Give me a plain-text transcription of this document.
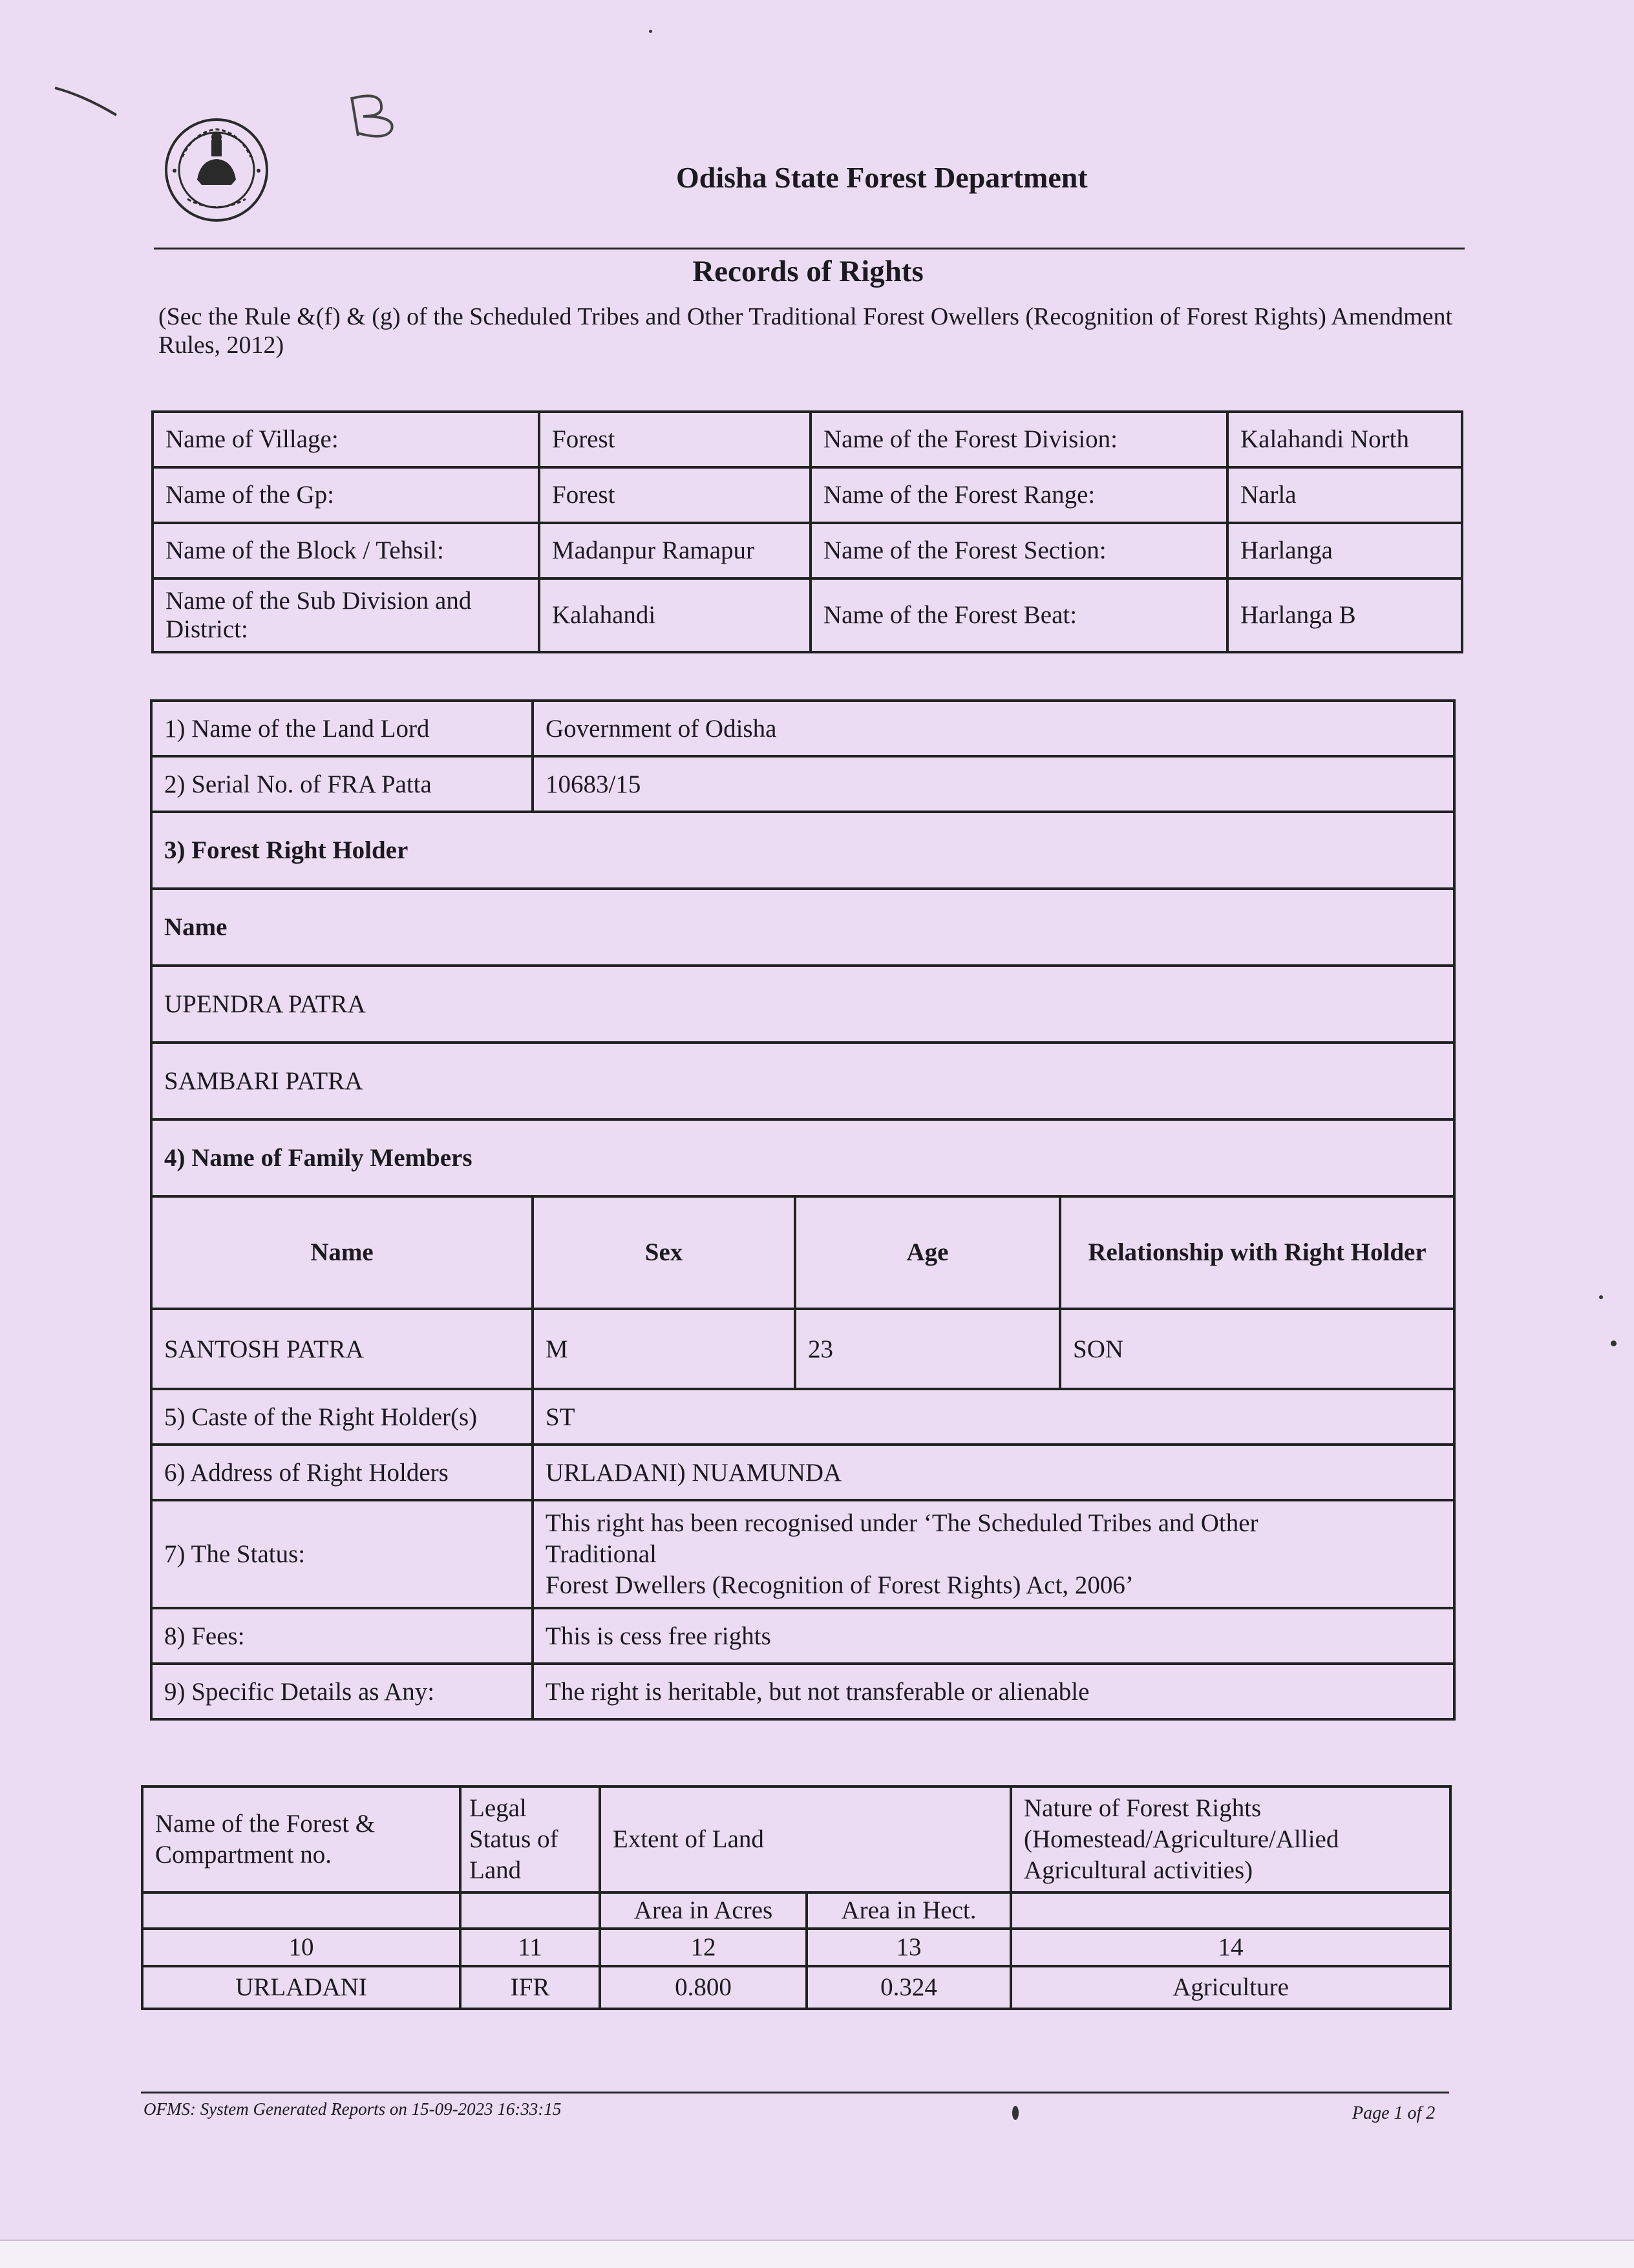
Odisha State Forest Department
Records of Rights
(Sec the Rule &(f) & (g) of the Scheduled Tribes and Other Traditional Forest Owellers (Recognition of Forest Rights) Amendment Rules, 2012)
Name of Village:	Forest	Name of the Forest Division:	Kalahandi North
Name of the Gp:	Forest	Name of the Forest Range:	Narla
Name of the Block / Tehsil:	Madanpur Ramapur	Name of the Forest Section:	Harlanga
Name of the Sub Division and District:	Kalahandi	Name of the Forest Beat:	Harlanga B
1) Name of the Land Lord	Government of Odisha		
2) Serial No. of FRA Patta	10683/15		
3) Forest Right Holder			
Name			
UPENDRA PATRA			
SAMBARI PATRA			
4) Name of Family Members			
Name	Sex	Age	Relationship with Right Holder
SANTOSH PATRA	M	23	SON
5) Caste of the Right Holder(s)	ST		
6) Address of Right Holders	URLADANI) NUAMUNDA		
7) The Status:	This right has been recognised under ‘The Scheduled Tribes and Other
Traditional
Forest Dwellers (Recognition of Forest Rights) Act, 2006’		

8) Fees:	This is cess free rights		
9) Specific Details as Any:	The right is heritable, but not transferable or alienable		
Name of the Forest & Compartment no.	Legal Status of Land	Extent of Land		Nature of Forest Rights (Homestead/Agriculture/Allied Agricultural activities)
		Area in Acres	Area in Hect.	
10	11	12	13	14
URLADANI	IFR	0.800	0.324	Agriculture
OFMS: System Generated Reports on 15-09-2023 16:33:15	Page 1 of 2
